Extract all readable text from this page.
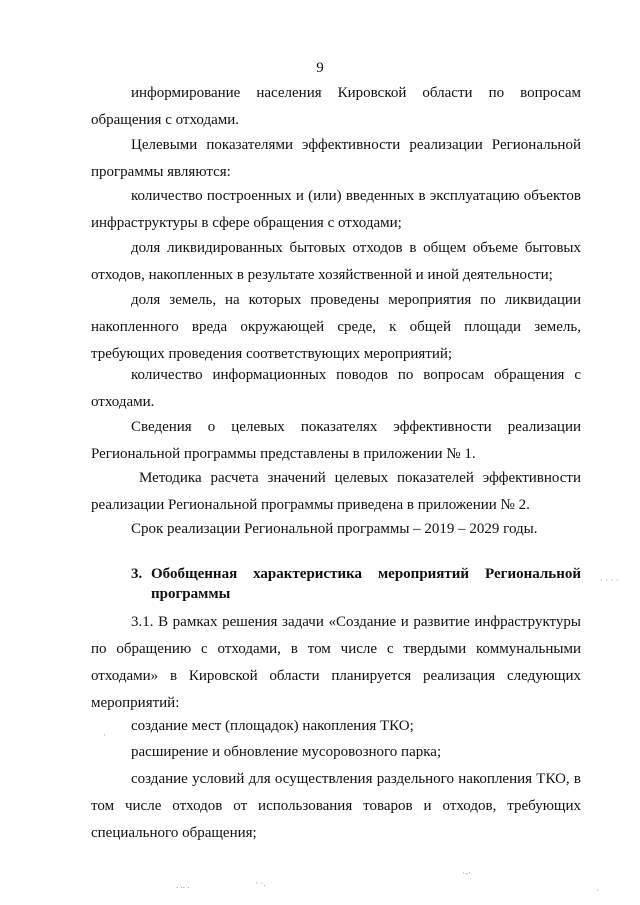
9
информирование населения Кировской области по вопросам
обращения с отходами.
Целевыми показателями эффективности реализации Региональной
программы являются:
количество построенных и (или) введенных в эксплуатацию объектов
инфраструктуры в сфере обращения с отходами;
доля ликвидированных бытовых отходов в общем объеме бытовых
отходов, накопленных в результате хозяйственной и иной деятельности;
доля земель, на которых проведены мероприятия по ликвидации
накопленного вреда окружающей среде, к общей площади земель,
требующих проведения соответствующих мероприятий;
количество информационных поводов по вопросам обращения с
отходами.
Сведения о целевых показателях эффективности реализации
Региональной программы представлены в приложении № 1.
Методика расчета значений целевых показателей эффективности
реализации Региональной программы приведена в приложении № 2.
Срок реализации Региональной программы – 2019 – 2029 годы.
3. Обобщенная характеристика мероприятий Региональной
программы
3.1. В рамках решения задачи «Создание и развитие инфраструктуры
по обращению с отходами, в том числе с твердыми коммунальными
отходами» в Кировской области планируется реализация следующих
мероприятий:
создание мест (площадок) накопления ТКО;
расширение и обновление мусоровозного парка;
создание условий для осуществления раздельного накопления ТКО, в
том числе отходов от использования товаров и отходов, требующих
специального обращения;
· · · ·
·
. .. .	· ·.
·-·
·
